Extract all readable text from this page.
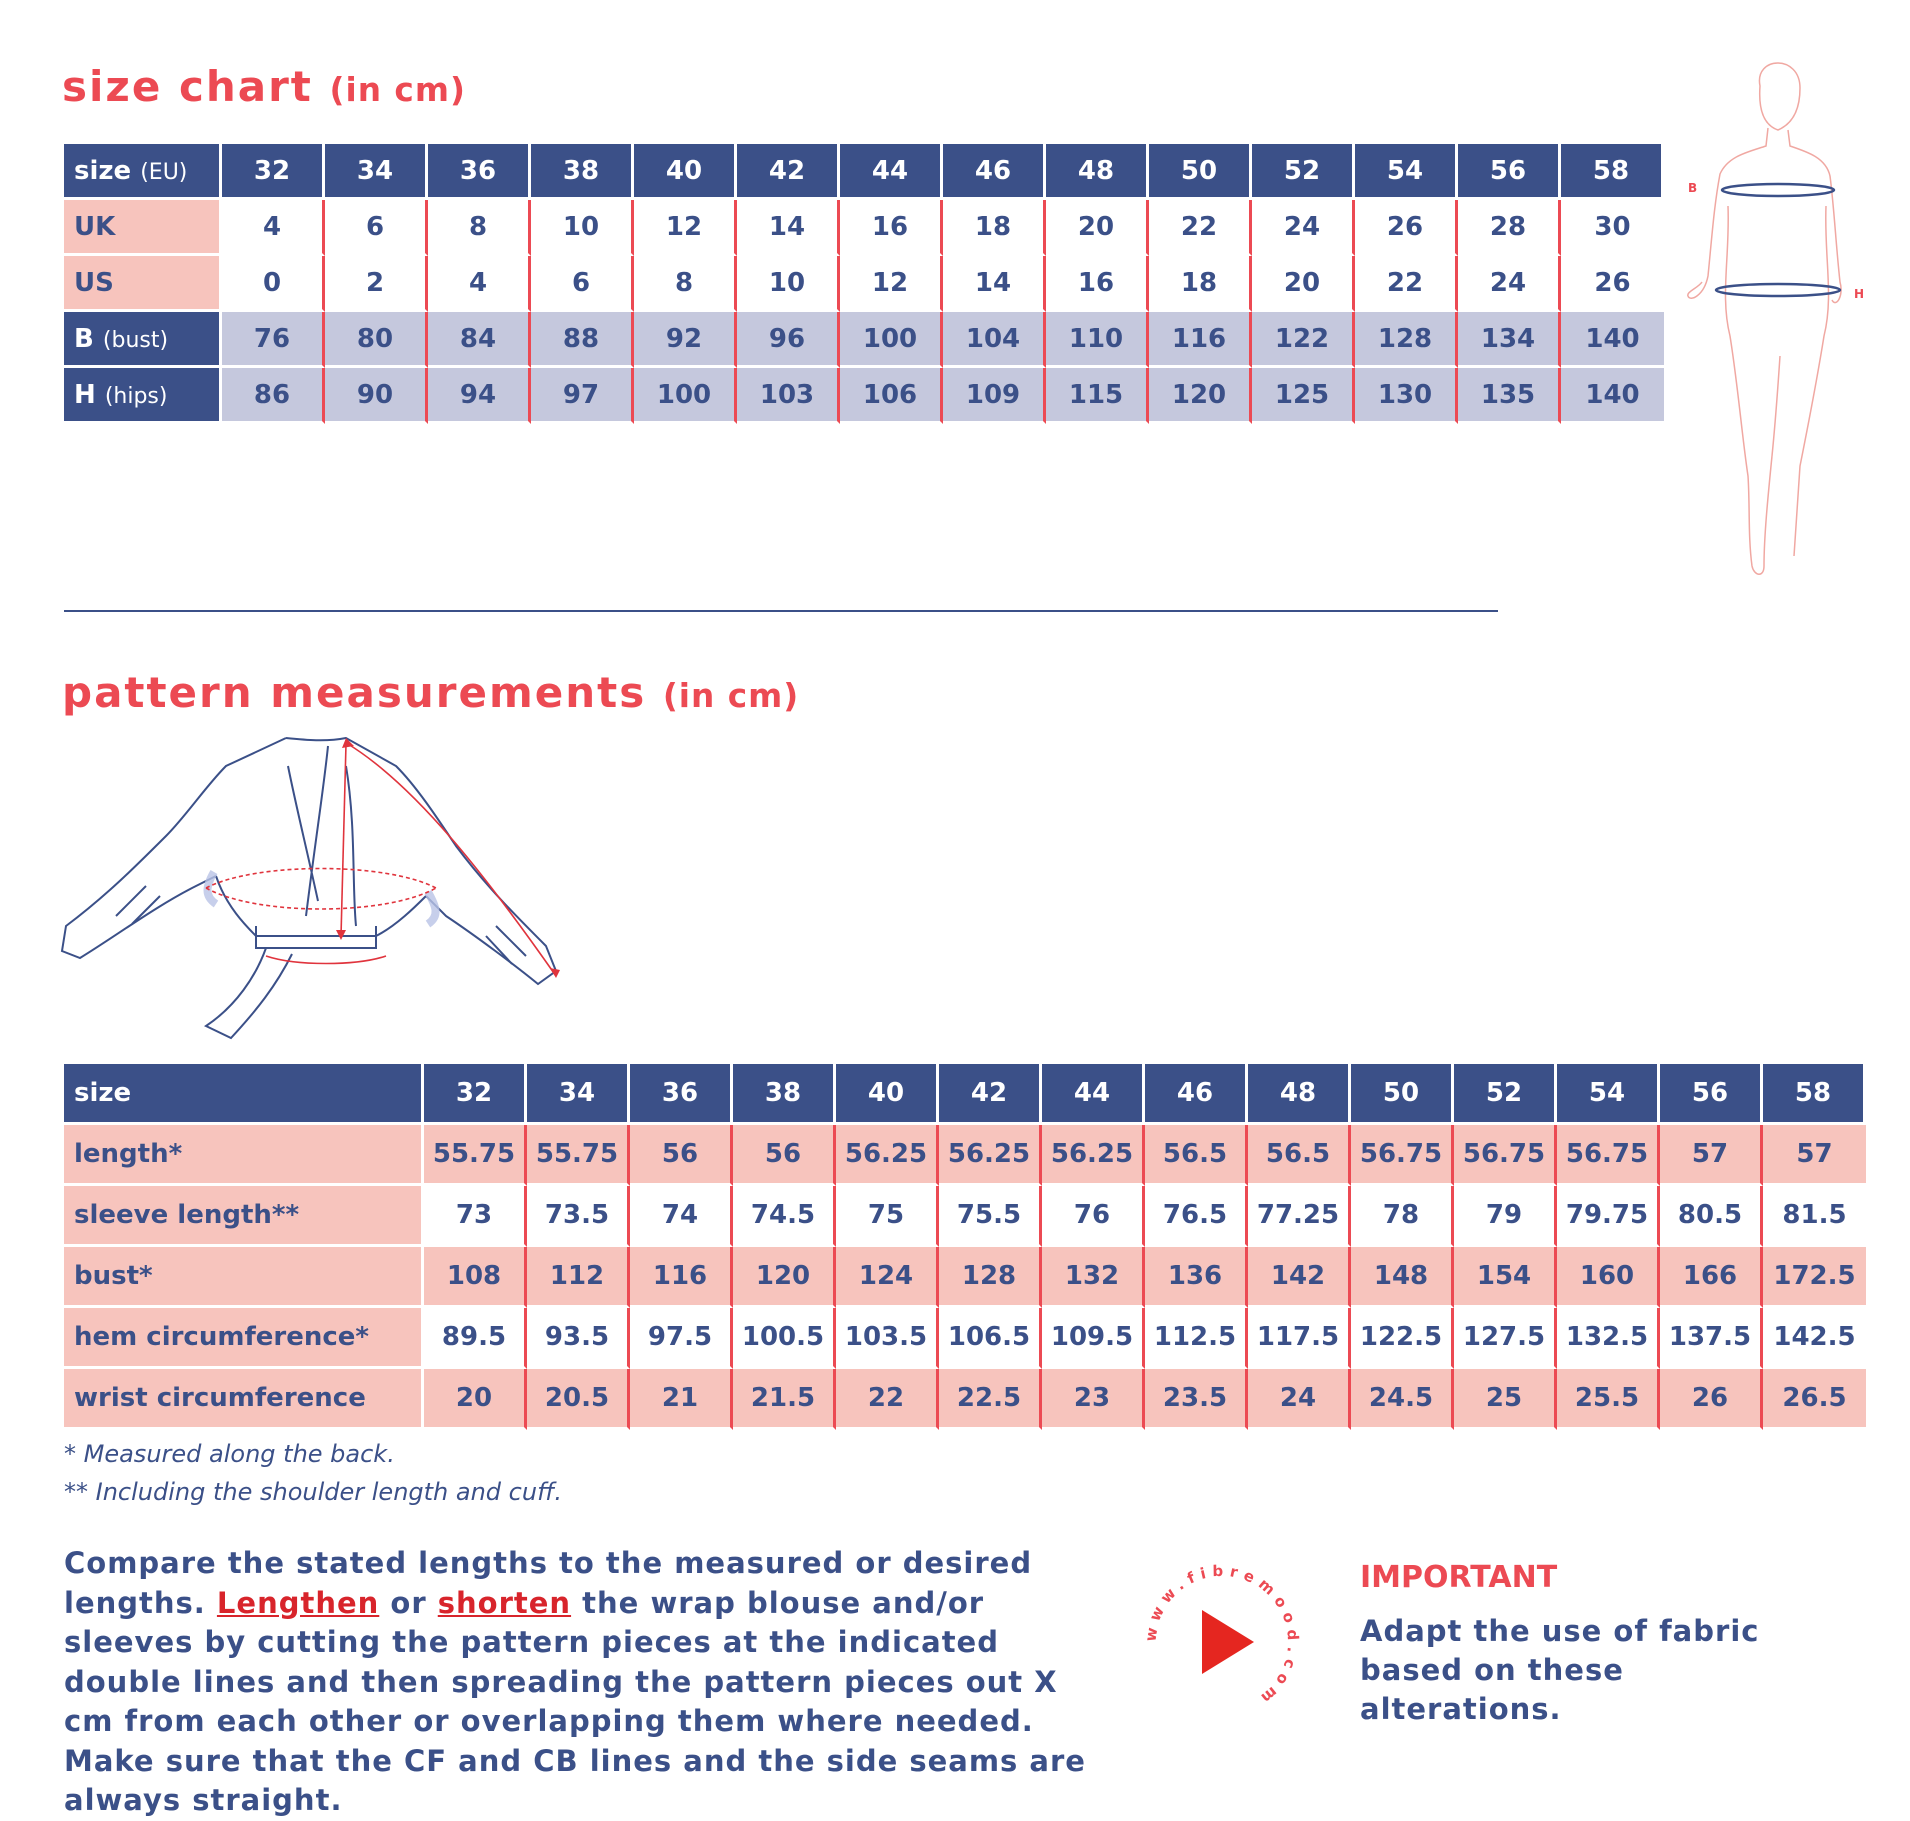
size chart (in cm)
size (EU)	32	34	36	38	40	42	44	46	48	50	52	54	56	58
UK	4	6	8	10	12	14	16	18	20	22	24	26	28	30
US	0	2	4	6	8	10	12	14	16	18	20	22	24	26
B (bust)	76	80	84	88	92	96	100	104	110	116	122	128	134	140
H (hips)	86	90	94	97	100	103	106	109	115	120	125	130	135	140
B
H
pattern measurements (in cm)
size	32	34	36	38	40	42	44	46	48	50	52	54	56	58
length*	55.75	55.75	56	56	56.25	56.25	56.25	56.5	56.5	56.75	56.75	56.75	57	57
sleeve length**	73	73.5	74	74.5	75	75.5	76	76.5	77.25	78	79	79.75	80.5	81.5
bust*	108	112	116	120	124	128	132	136	142	148	154	160	166	172.5
hem circumference*	89.5	93.5	97.5	100.5	103.5	106.5	109.5	112.5	117.5	122.5	127.5	132.5	137.5	142.5
wrist circumference	20	20.5	21	21.5	22	22.5	23	23.5	24	24.5	25	25.5	26	26.5

* Measured along the back.

** Including the shoulder length and cuff.

Compare the stated lengths to the measured or desired lengths. Lengthen or shorten the wrap blouse and/or sleeves by cutting the pattern pieces at the indicated double lines and then spreading the pattern pieces out X cm from each other or overlapping them where needed. Make sure that the CF and CB lines and the side seams are always straight.

www.fibremood.com
IMPORTANT

Adapt the use of fabric based on these alterations.
